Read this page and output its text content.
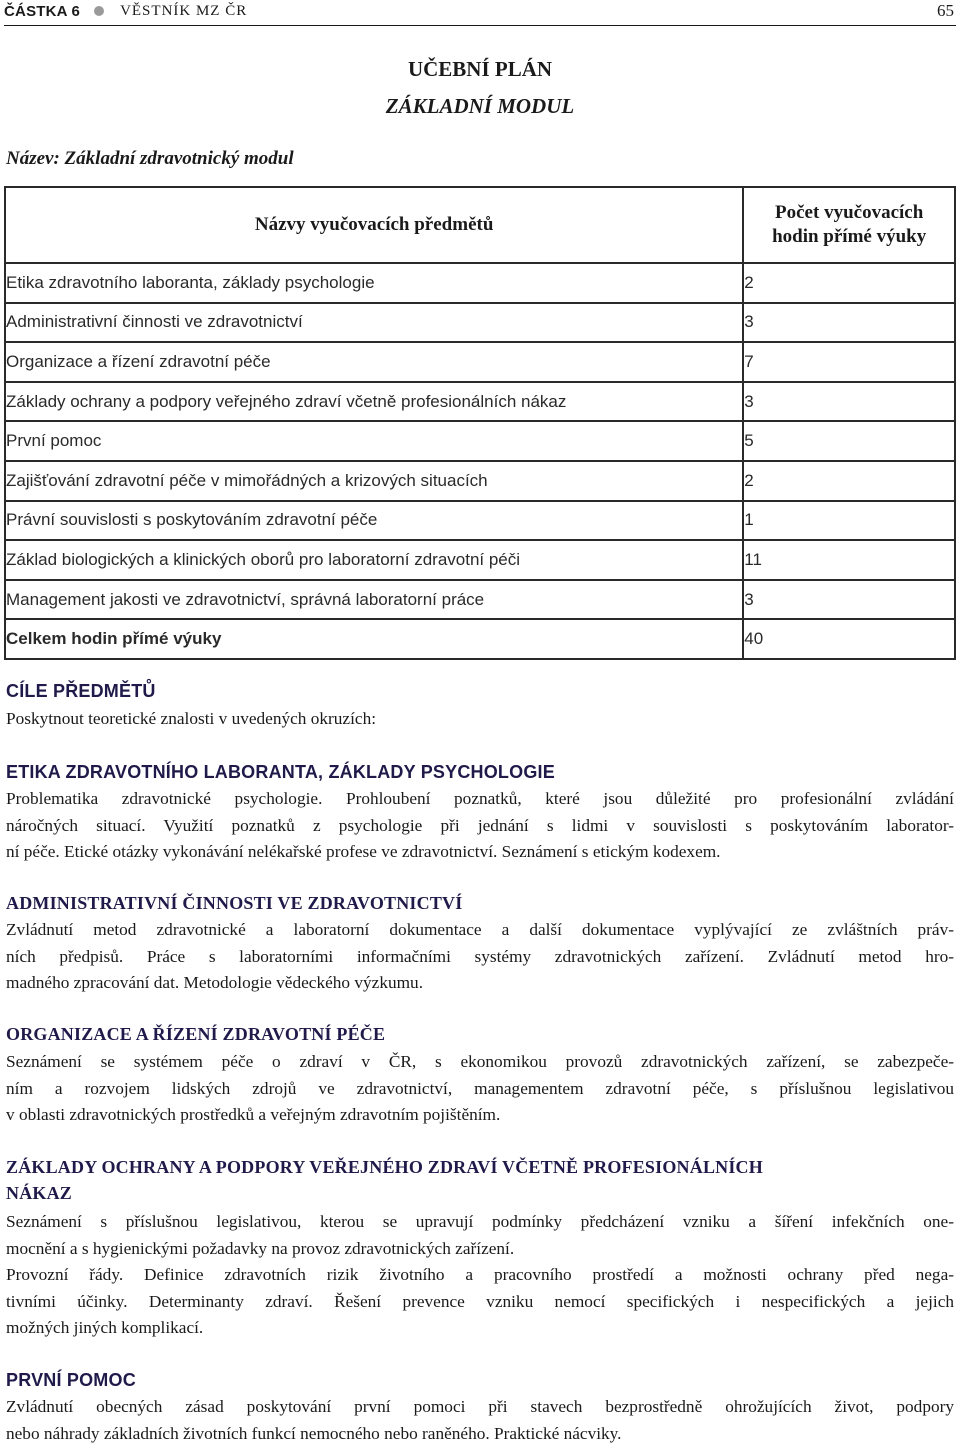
ČÁSTKA 6	VĚSTNÍK MZ ČR	65
UČEBNÍ PLÁN
ZÁKLADNÍ MODUL
Název: Základní zdravotnický modul
Názvy vyučovacích předmětů	Počet vyučovacích
hodin přímé výuky
Etika zdravotního laboranta, základy psychologie	2
Administrativní činnosti ve zdravotnictví	3
Organizace a řízení zdravotní péče	7
Základy ochrany a podpory veřejného zdraví včetně profesionálních nákaz	3
První pomoc	5
Zajišťování zdravotní péče v mimořádných a krizových situacích	2
Právní souvislosti s poskytováním zdravotní péče	1
Základ biologických a klinických oborů pro laboratorní zdravotní péči	11
Management jakosti ve zdravotnictví, správná laboratorní práce	3
Celkem hodin přímé výuky	40
CÍLE PŘEDMĚTŮ
Poskytnout teoretické znalosti v uvedených okruzích:
ETIKA ZDRAVOTNÍHO LABORANTA, ZÁKLADY PSYCHOLOGIE
Problematika zdravotnické psychologie. Prohloubení poznatků, které jsou důležité pro profesionální zvládání
náročných situací. Využití poznatků z psychologie při jednání s lidmi v souvislosti s poskytováním laborator-
ní péče. Etické otázky vykonávání nelékařské profese ve zdravotnictví. Seznámení s etickým kodexem.
ADMINISTRATIVNÍ ČINNOSTI VE ZDRAVOTNICTVÍ
Zvládnutí metod zdravotnické a laboratorní dokumentace a další dokumentace vyplývající ze zvláštních práv-
ních předpisů. Práce s laboratorními informačními systémy zdravotnických zařízení. Zvládnutí metod hro-
madného zpracování dat. Metodologie vědeckého výzkumu.
ORGANIZACE A ŘÍZENÍ ZDRAVOTNÍ PÉČE
Seznámení se systémem péče o zdraví v ČR, s ekonomikou provozů zdravotnických zařízení, se zabezpeče-
ním a rozvojem lidských zdrojů ve zdravotnictví, managementem zdravotní péče, s příslušnou legislativou
v oblasti zdravotnických prostředků a veřejným zdravotním pojištěním.
ZÁKLADY OCHRANY A PODPORY VEŘEJNÉHO ZDRAVÍ VČETNĚ PROFESIONÁLNÍCH
NÁKAZ
Seznámení s příslušnou legislativou, kterou se upravují podmínky předcházení vzniku a šíření infekčních one-
mocnění a s hygienickými požadavky na provoz zdravotnických zařízení.
Provozní řády. Definice zdravotních rizik životního a pracovního prostředí a možnosti ochrany před nega-
tivními účinky. Determinanty zdraví. Řešení prevence vzniku nemocí specifických i nespecifických a jejich
možných jiných komplikací.
PRVNÍ POMOC
Zvládnutí obecných zásad poskytování první pomoci při stavech bezprostředně ohrožujících život, podpory
nebo náhrady základních životních funkcí nemocného nebo raněného. Praktické nácviky.
